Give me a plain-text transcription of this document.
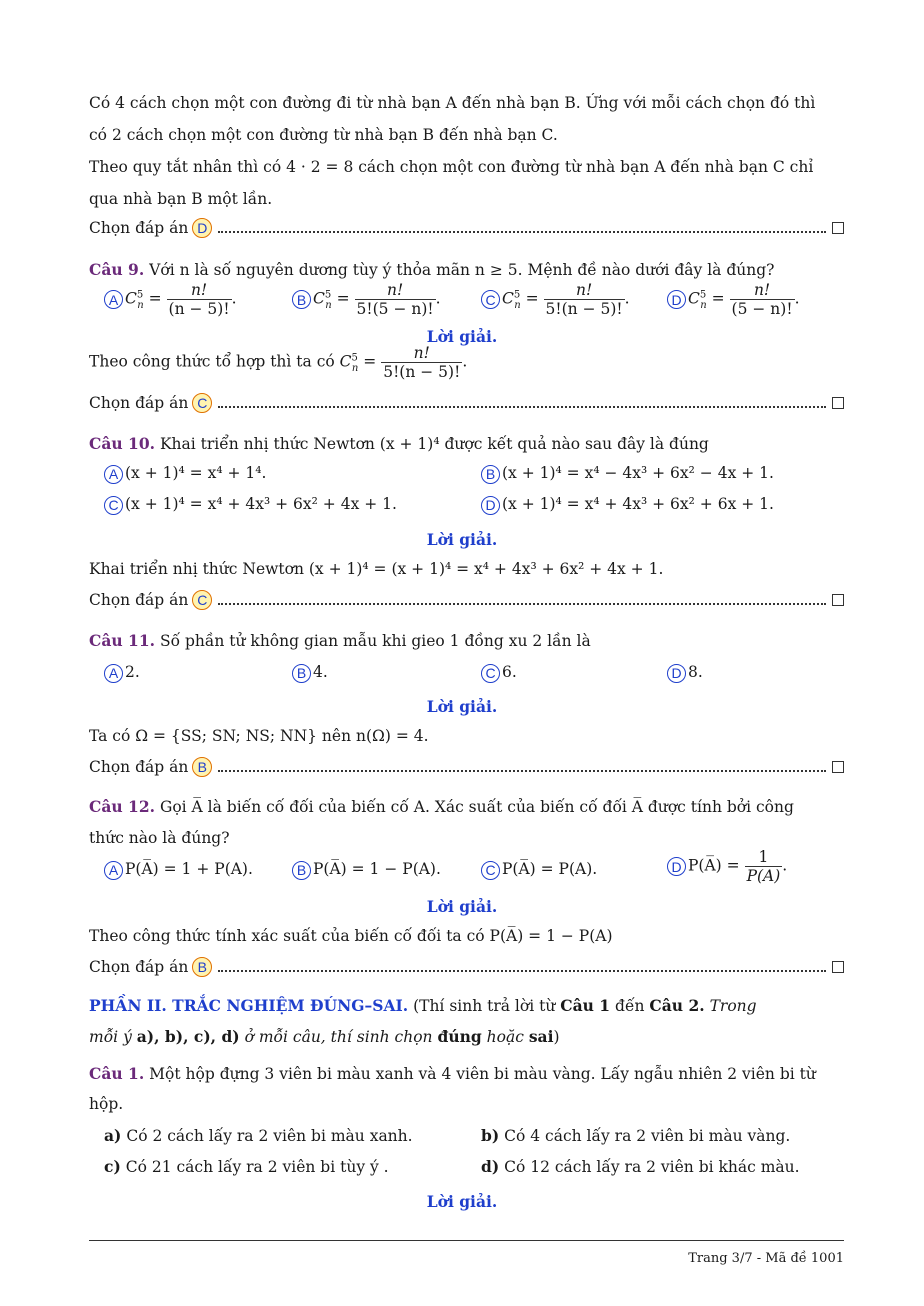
Có 4 cách chọn một con đường đi từ nhà bạn A đến nhà bạn B. Ứng với mỗi cách chọn đó thì
có 2 cách chọn một con đường từ nhà bạn B đến nhà bạn C.
Theo quy tắt nhân thì có 4 · 2 = 8 cách chọn một con đường từ nhà bạn A đến nhà bạn C chỉ
qua nhà bạn B một lần.
Chọn đáp án D
Câu 9. Với n là số nguyên dương tùy ý thỏa mãn n ≥ 5. Mệnh đề nào dưới đây là đúng?
A $C^5_n = \frac{n!}{(n - 5)!}$ .	B $C^5_n = \frac{n!}{5!(5 - n)!}$ .	C $C^5_n = \frac{n!}{5!(n - 5)!}$ .	D $C^5_n = \frac{n!}{(5 - n)!}$ .
Lời giải.
Theo công thức tổ hợp thì ta có $C^5_n = \frac{n!}{5!(n - 5)!}$ .
Chọn đáp án C
Câu 10. Khai triển nhị thức Newtơn (x + 1)⁴ được kết quả nào sau đây là đúng
A (x + 1)⁴ = x⁴ + 1⁴.	B (x + 1)⁴ = x⁴ − 4x³ + 6x² − 4x + 1.
C (x + 1)⁴ = x⁴ + 4x³ + 6x² + 4x + 1.	D (x + 1)⁴ = x⁴ + 4x³ + 6x² + 6x + 1.
Lời giải.
Khai triển nhị thức Newtơn (x + 1)⁴ = (x + 1)⁴ = x⁴ + 4x³ + 6x² + 4x + 1.
Chọn đáp án C
Câu 11. Số phần tử không gian mẫu khi gieo 1 đồng xu 2 lần là
A 2.	B 4.	C 6.	D 8.
Lời giải.
Ta có Ω = {SS; SN; NS; NN} nên n(Ω) = 4.
Chọn đáp án B
Câu 12. Gọi A̅ là biến cố đối của biến cố A. Xác suất của biến cố đối A̅ được tính bởi công
thức nào là đúng?
A P(A̅) = 1 + P(A).	B P(A̅) = 1 − P(A).	C P(A̅) = P(A).	D P(A̅) = $\frac{1}{P(A)}$ .
Lời giải.
Theo công thức tính xác suất của biến cố đối ta có P(A̅) = 1 − P(A)
Chọn đáp án B
PHẦN II. TRẮC NGHIỆM ĐÚNG–SAI. (Thí sinh trả lời từ Câu 1 đến Câu 2. Trong
mỗi ý a), b), c), d) ở mỗi câu, thí sinh chọn đúng hoặc sai)
Câu 1. Một hộp đựng 3 viên bi màu xanh và 4 viên bi màu vàng. Lấy ngẫu nhiên 2 viên bi từ
hộp.
a) Có 2 cách lấy ra 2 viên bi màu xanh.	b) Có 4 cách lấy ra 2 viên bi màu vàng.
c) Có 21 cách lấy ra 2 viên bi tùy ý .	d) Có 12 cách lấy ra 2 viên bi khác màu.
Lời giải.
Trang 3/7 - Mã đề 1001
